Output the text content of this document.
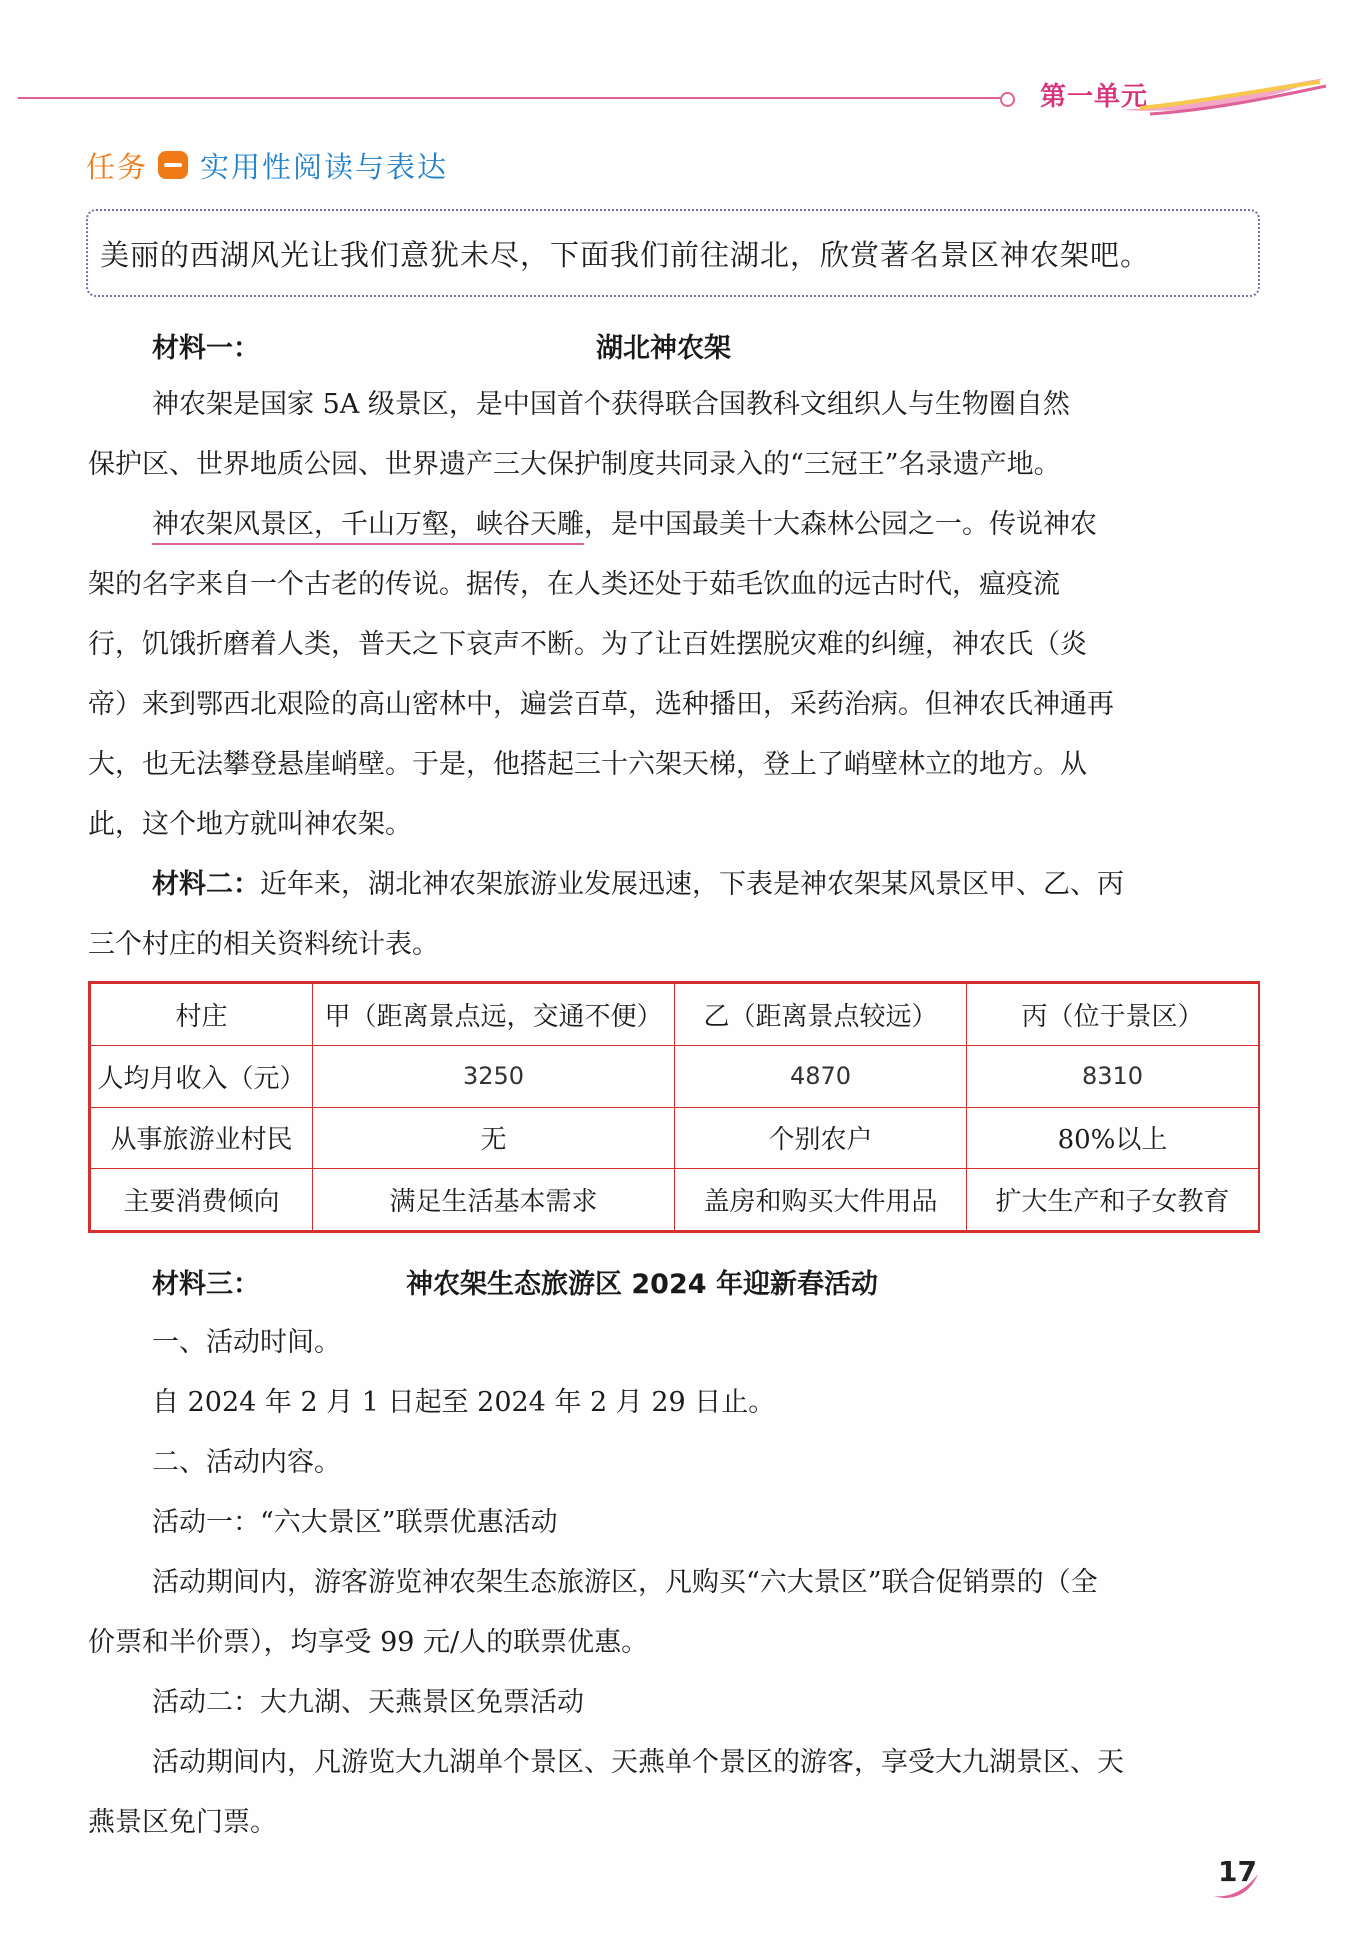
第一单元
任务 实用性阅读与表达
美丽的西湖风光让我们意犹未尽，下面我们前往湖北，欣赏著名景区神农架吧。
材料一：	湖北神农架
神农架是国家 5A 级景区，是中国首个获得联合国教科文组织人与生物圈自然
保护区、世界地质公园、世界遗产三大保护制度共同录入的“三冠王”名录遗产地。
神农架风景区，千山万壑，峡谷天雕，是中国最美十大森林公园之一。传说神农
架的名字来自一个古老的传说。据传，在人类还处于茹毛饮血的远古时代，瘟疫流
行，饥饿折磨着人类，普天之下哀声不断。为了让百姓摆脱灾难的纠缠，神农氏（炎
帝）来到鄂西北艰险的高山密林中，遍尝百草，选种播田，采药治病。但神农氏神通再
大，也无法攀登悬崖峭壁。于是，他搭起三十六架天梯，登上了峭壁林立的地方。从
此，这个地方就叫神农架。
材料二：近年来，湖北神农架旅游业发展迅速，下表是神农架某风景区甲、乙、丙
三个村庄的相关资料统计表。
村庄	甲（距离景点远，交通不便）	乙（距离景点较远）	丙（位于景区）
人均月收入（元）	3250	4870	8310
从事旅游业村民	无	个别农户	80%以上
主要消费倾向	满足生活基本需求	盖房和购买大件用品	扩大生产和子女教育
材料三：	神农架生态旅游区 2024 年迎新春活动
一、活动时间。
自 2024 年 2 月 1 日起至 2024 年 2 月 29 日止。
二、活动内容。
活动一：“六大景区”联票优惠活动
活动期间内，游客游览神农架生态旅游区，凡购买“六大景区”联合促销票的（全
价票和半价票），均享受 99 元/人的联票优惠。
活动二：大九湖、天燕景区免票活动
活动期间内，凡游览大九湖单个景区、天燕单个景区的游客，享受大九湖景区、天
燕景区免门票。
17
